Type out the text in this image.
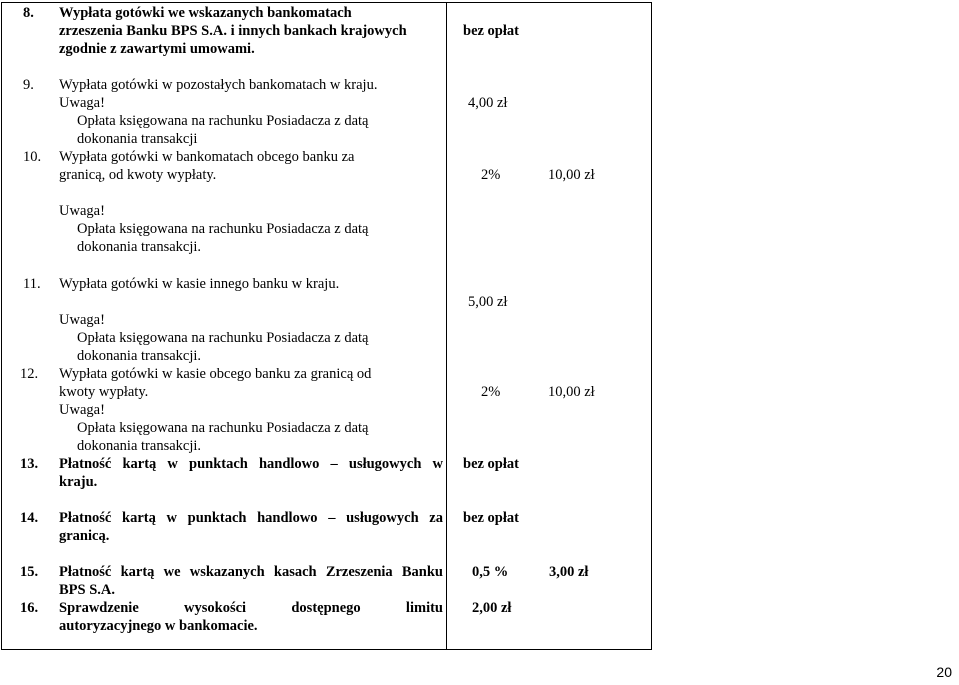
8. Wypłata gotówki we wskazanych bankomatach
zrzeszenia Banku BPS S.A. i innych bankach krajowych
zgodnie z zawartymi umowami.
bez opłat
9. Wypłata gotówki w pozostałych bankomatach w kraju.
Uwaga!
Opłata księgowana na rachunku Posiadacza z datą
dokonania transakcji
4,00 zł
10. Wypłata gotówki w bankomatach obcego banku za
granicą, od kwoty wypłaty.
Uwaga!
Opłata księgowana na rachunku Posiadacza z datą
dokonania transakcji.
2%	10,00 zł
11. Wypłata gotówki w kasie innego banku w kraju.
Uwaga!
Opłata księgowana na rachunku Posiadacza z datą
dokonania transakcji.
5,00 zł
12. Wypłata gotówki w kasie obcego banku za granicą od
kwoty wypłaty.
Uwaga!
Opłata księgowana na rachunku Posiadacza z datą
dokonania transakcji.
2%	10,00 zł
13. Płatność kartą w punktach handlowo – usługowych w
kraju.
bez opłat
14. Płatność kartą w punktach handlowo – usługowych za
granicą.
bez opłat
15. Płatność kartą we wskazanych kasach Zrzeszenia Banku
BPS S.A.
0,5 %	3,00 zł
16. Sprawdzenie wysokości dostępnego limitu
autoryzacyjnego w bankomacie.
2,00 zł
20
